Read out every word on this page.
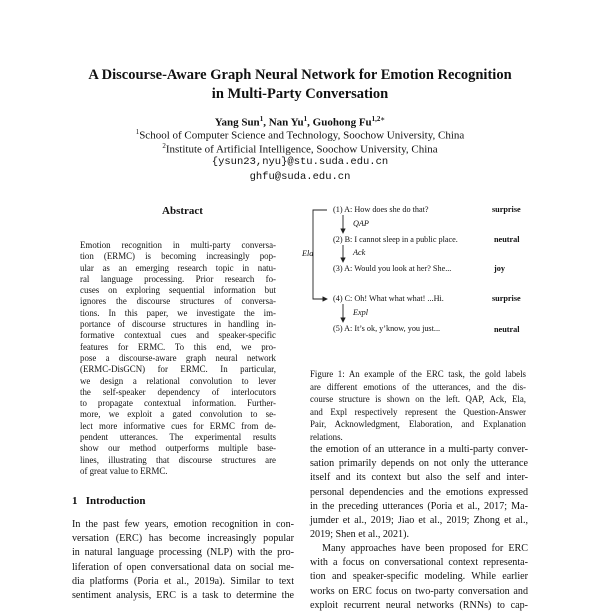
A Discourse-Aware Graph Neural Network for Emotion Recognition
in Multi-Party Conversation
Yang Sun$^1$, Nan Yu$^1$, Guohong $Fu^{1,2∗}$
$^1$School of Computer Science and Technology, Soochow University, China
$^2$Institute of Artificial Intelligence, Soochow University, China
{ysun23,nyu}@stu.suda.edu.cn
ghfu@suda.edu.cn
Abstract
Emotion recognition in multi-party conversa-
tion (ERMC) is becoming increasingly pop-
ular as an emerging research topic in natu-
ral language processing. Prior research fo-
cuses on exploring sequential information but
ignores the discourse structures of conversa-
tions. In this paper, we investigate the im-
portance of discourse structures in handling in-
formative contextual cues and speaker-specific
features for ERMC. To this end, we pro-
pose a discourse-aware graph neural network
(ERMC-DisGCN) for ERMC. In particular,
we design a relational convolution to lever
the self-speaker dependency of interlocutors
to propagate contextual information. Further-
more, we exploit a gated convolution to se-
lect more informative cues for ERMC from de-
pendent utterances. The experimental results
show our method outperforms multiple base-
lines, illustrating that discourse structures are
of great value to ERMC.
1 Introduction
In the past few years, emotion recognition in con-
versation (ERC) has become increasingly popular
in natural language processing (NLP) with the pro-
liferation of open conversational data on social me-
dia platforms (Poria et al., 2019a). Similar to text
sentiment analysis, ERC is a task to determine the
(1) A: How does she do that?	surprise
QAP
(2) B: I cannot sleep in a public place.	neutral
Ack
Ela
(3) A: Would you look at her? She...	joy
(4) C: Oh! What what what! ...Hi.	surprise
Expl
(5) A: It’s ok, y’know, you just...	neutral
Figure 1: An example of the ERC task, the gold labels
are different emotions of the utterances, and the dis-
course structure is shown on the left. QAP, Ack, Ela,
and Expl respectively represent the Question-Answer
Pair, Acknowledgment, Elaboration, and Explanation
relations.
the emotion of an utterance in a multi-party conver-
sation primarily depends on not only the utterance
itself and its context but also the self and inter-
personal dependencies and the emotions expressed
in the preceding utterances (Poria et al., 2017; Ma-
jumder et al., 2019; Jiao et al., 2019; Zhong et al.,
2019; Shen et al., 2021).
Many approaches have been proposed for ERC
with a focus on conversational context representa-
tion and speaker-specific modeling. While earlier
works on ERC focus on two-party conversation and
exploit recurrent neural networks (RNNs) to cap-
